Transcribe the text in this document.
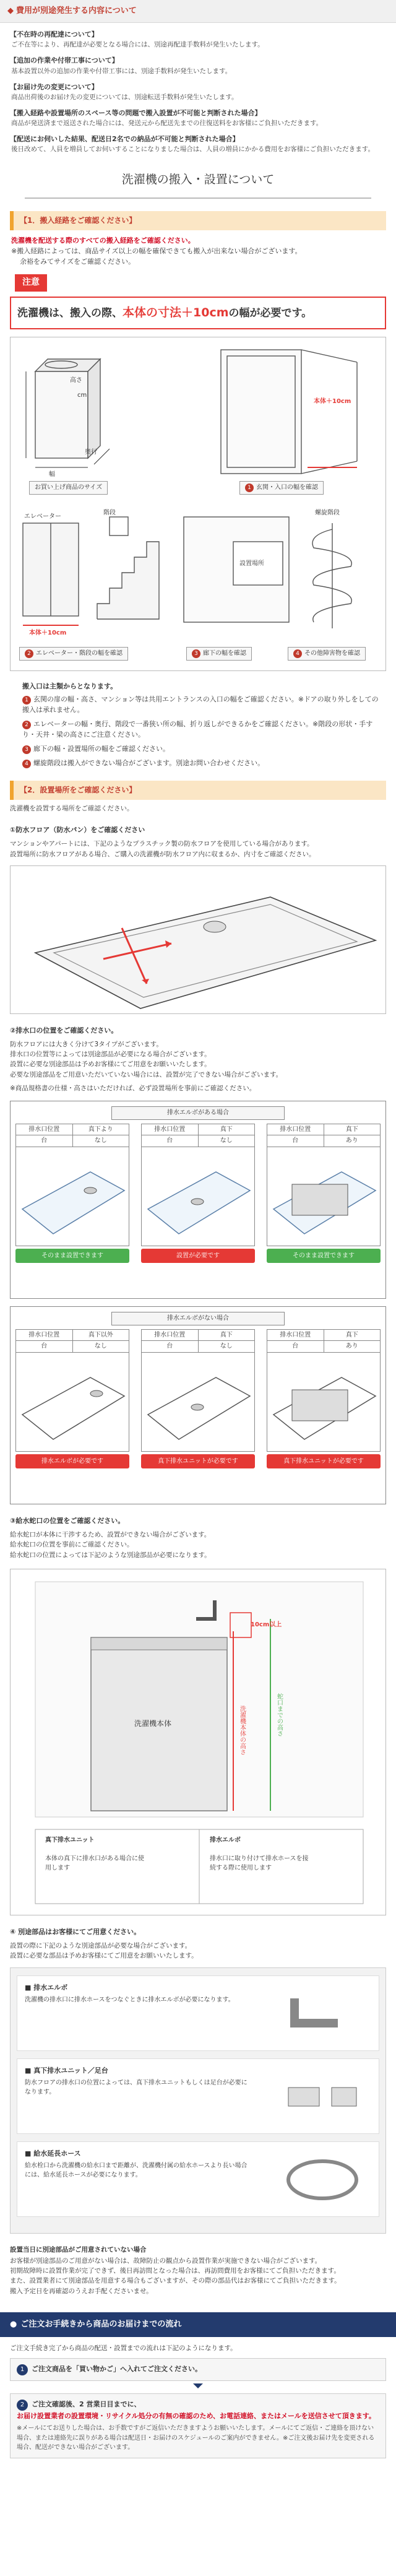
◆ 費用が別途発生する内容について
【不在時の再配達について】
ご不在等により、再配達が必要となる場合には、別途再配達手数料が発生いたします。
【追加の作業や付帯工事について】
基本設置以外の追加の作業や付帯工事には、別途手数料が発生いたします。
【お届け先の変更について】
商品出荷後のお届け先の変更については、別途転送手数料が発生いたします。
【搬入経路や設置場所のスペース等の問題で搬入設置が不可能と判断された場合】
商品が発送済まで返送された場合には、発送元から配送先までの往復送料をお客様にご負担いただきます。
【配送にお伺いした結果、配送日2名での納品が不可能と判断された場合】
後日改めて、人員を増員してお伺いすることになりました場合は、人員の増員にかかる費用をお客様にご負担いただきます。
洗濯機の搬入・設置について
【1．搬入経路をご確認ください】
洗濯機を配送する際のすべての搬入経路をご確認ください。
※搬入経路によっては、商品サイズ以上の幅を確保できても搬入が出来ない場合がございます。
余裕をみてサイズをご確認ください。
注意
洗濯機は、搬入の際、本体の寸法＋10cmの幅が必要です。
高さ
cm
奥行
幅
お買い上げ商品のサイズ
本体＋10cm
1 玄関・入口の幅を確認
エレベーター
階段	螺旋階段
設置場所
本体＋10cm
2 エレベーター・階段の幅を確認	3 廊下の幅を確認	4 その他障害物を確認
搬入口は主類からとなります。
1 玄関の扉の幅・高さ、マンション等は共用エントランスの入口の幅をご確認ください。※ドアの取り外しをしての搬入は承れません。
2 エレベーターの幅・奥行、階段で一番狭い所の幅、折り返しができるかをご確認ください。※階段の形状・手すり・天井・梁の高さにご注意ください。
3 廊下の幅・設置場所の幅をご確認ください。
4 螺旋階段は搬入ができない場合がございます。別途お問い合わせください。
【2．設置場所をご確認ください】
洗濯機を設置する場所をご確認ください。
①防水フロア（防水パン）をご確認ください
マンションやアパートには、下記のようなプラスチック製の防水フロアを使用している場合があります。
設置場所に防水フロアがある場合、ご購入の洗濯機が防水フロア内に収まるか、内寸をご確認ください。
②排水口の位置をご確認ください。
防水フロアには大きく分けて3タイプがございます。
排水口の位置等によっては別途部品が必要になる場合がございます。
設置に必要な別途部品は予めお客様にてご用意をお願いいたします。
必要な別途部品をご用意いただいていない場合には、設置が完了できない場合がございます。
※商品規格書の仕様・高さはいただければ、必ず設置場所を事前にご確認ください。
排水エルボがある場合
排水口位置	真下より
台	なし
そのまま設置できます
排水口位置	真下
台	なし
設置が必要です
排水口位置	真下
台	あり
そのまま設置できます
排水エルボがない場合
排水口位置	真下以外
台	なし
排水エルボが必要です
排水口位置	真下
台	なし
真下排水ユニットが必要です
排水口位置	真下
台	あり
真下排水ユニットが必要です
③給水蛇口の位置をご確認ください。
給水蛇口が本体に干渉するため、設置ができない場合がございます。
給水蛇口の位置を事前にご確認ください。
給水蛇口の位置によっては下記のような別途部品が必要になります。
10cm以上
洗濯機本体	洗濯機本体の高さ	蛇口までの高さ
真下排水ユニット
本体の真下に排水口がある場合に使用します
排水エルボ
排水口に取り付けて排水ホースを接続する際に使用します
④ 別途部品はお客様にてご用意ください。
設置の際に下記のような別途部品が必要な場合がございます。
設置に必要な部品は予めお客様にてご用意をお願いいたします。
■ 排水エルボ
洗濯機の排水口に排水ホースをつなぐときに排水エルボが必要になります。
■ 真下排水ユニット／足台
防水フロアの排水口の位置によっては、真下排水ユニットもしくは足台が必要になります。
■ 給水延長ホース
給水栓口から洗濯機の給水口まで距離が、洗濯機付属の給水ホースより長い場合には、給水延長ホースが必要になります。
設置当日に別途部品がご用意されていない場合
お客様が別途部品のご用意がない場合は、故障防止の観点から設置作業が実施できない場合がございます。
初期故障時に設置作業が完了できず、後日再訪問となった場合は、再訪問費用をお客様にてご負担いただきます。
また、設置業者にて別途部品を用意する場合もございますが、その際の部品代はお客様にてご負担いただきます。
搬入予定日を再確認のうえお手配くださいませ。
● ご注文お手続きから商品のお届けまでの流れ
ご注文手続き完了から商品の配送・設置までの流れは下記のようになります。
1 ご注文商品を「買い物かご」へ入れてご注文ください。
2 ご注文確認後、2 営業日目までに、
お届け設置業者の設置環境・リサイクル処分の有無の確認のため、お電話連絡、またはメールを送信させて頂きます。
※メールにてお送りした場合は、お手数ですがご返信いただきますようお願いいたします。メールにてご返信・ご連絡を頂けない場合、または連絡先に誤りがある場合は配送日・お届けのスケジュールのご案内ができません。※ご注文後お届け先を変更される場合、配送ができない場合がございます。
